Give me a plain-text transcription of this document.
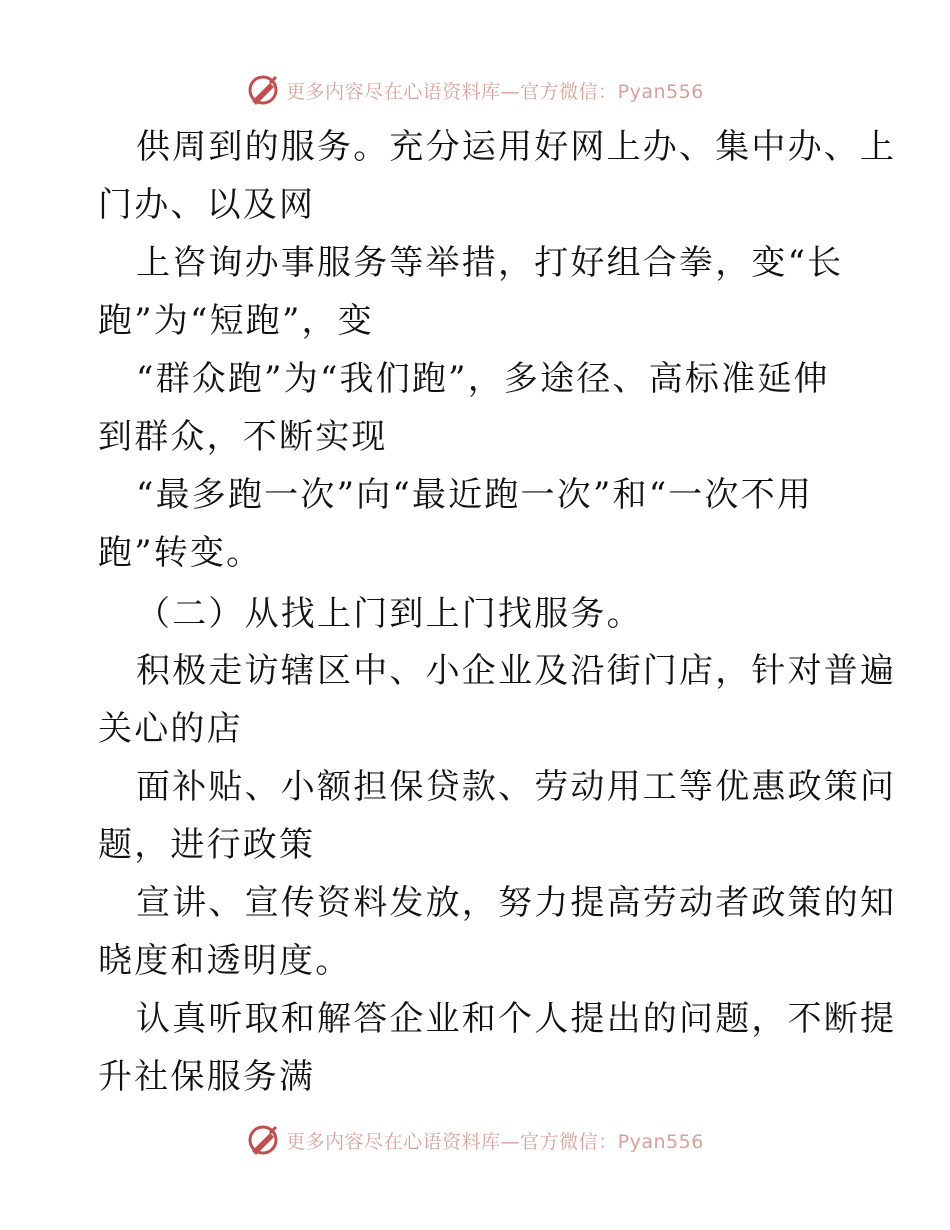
更多内容尽在心语资料库—官方微信：Pyan556
供周到的服务。充分运用好网上办、集中办、上
门办、以及网
上咨询办事服务等举措，打好组合拳，变“长
跑”为“短跑”，变
“群众跑”为“我们跑”，多途径、高标准延伸
到群众，不断实现
“最多跑一次”向“最近跑一次”和“一次不用
跑”转变。
（二）从找上门到上门找服务。
积极走访辖区中、小企业及沿街门店，针对普遍
关心的店
面补贴、小额担保贷款、劳动用工等优惠政策问
题，进行政策
宣讲、宣传资料发放，努力提高劳动者政策的知
晓度和透明度。
认真听取和解答企业和个人提出的问题，不断提
升社保服务满
更多内容尽在心语资料库—官方微信：Pyan556
